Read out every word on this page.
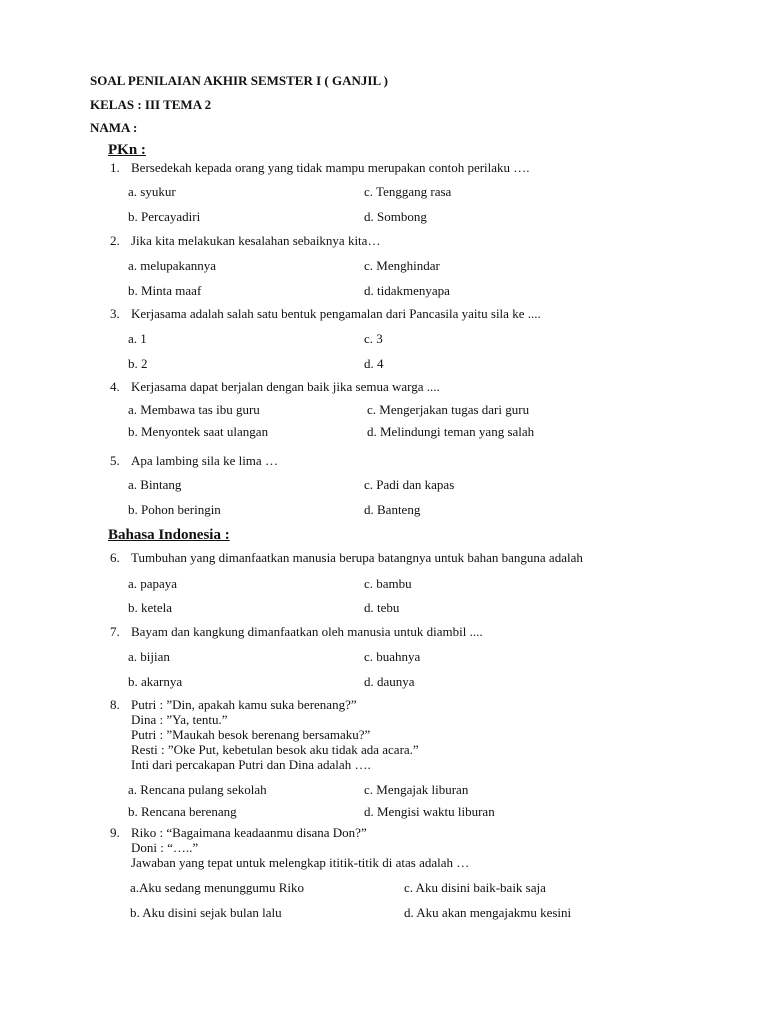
SOAL PENILAIAN AKHIR SEMSTER I ( GANJIL )
KELAS : III TEMA 2
NAMA :
PKn :
1. Bersedekah kepada orang yang tidak mampu merupakan contoh perilaku ….
a. syukur	c. Tenggang rasa
b. Percayadiri	d. Sombong
2. Jika kita melakukan kesalahan sebaiknya kita…
a. melupakannya	c. Menghindar
b. Minta maaf	d. tidakmenyapa
3. Kerjasama adalah salah satu bentuk pengamalan dari Pancasila yaitu sila ke ....
a. 1	c. 3
b. 2	d. 4
4. Kerjasama dapat berjalan dengan baik jika semua warga ....
a. Membawa tas ibu guru	c. Mengerjakan tugas dari guru
b. Menyontek saat ulangan	d. Melindungi teman yang salah
5. Apa lambing sila ke lima …
a. Bintang	c. Padi dan kapas
b. Pohon beringin	d. Banteng
Bahasa Indonesia :
6. Tumbuhan yang dimanfaatkan manusia berupa batangnya untuk bahan banguna adalah
a. papaya	c. bambu
b. ketela	d. tebu
7. Bayam dan kangkung dimanfaatkan oleh manusia untuk diambil ....
a. bijian	c. buahnya
b. akarnya	d. daunya
8. Putri : ”Din, apakah kamu suka berenang?”
Dina : ”Ya, tentu.”
Putri : ”Maukah besok berenang bersamaku?”
Resti : ”Oke Put, kebetulan besok aku tidak ada acara.”
Inti dari percakapan Putri dan Dina adalah ….
a. Rencana pulang sekolah	c. Mengajak liburan
b. Rencana berenang	d. Mengisi waktu liburan
9. Riko : “Bagaimana keadaanmu disana Don?”
Doni : “…..”
Jawaban yang tepat untuk melengkap ititik-titik di atas adalah …
a.Aku sedang menunggumu Riko	c. Aku disini baik-baik saja
b. Aku disini sejak bulan lalu	d. Aku akan mengajakmu kesini
